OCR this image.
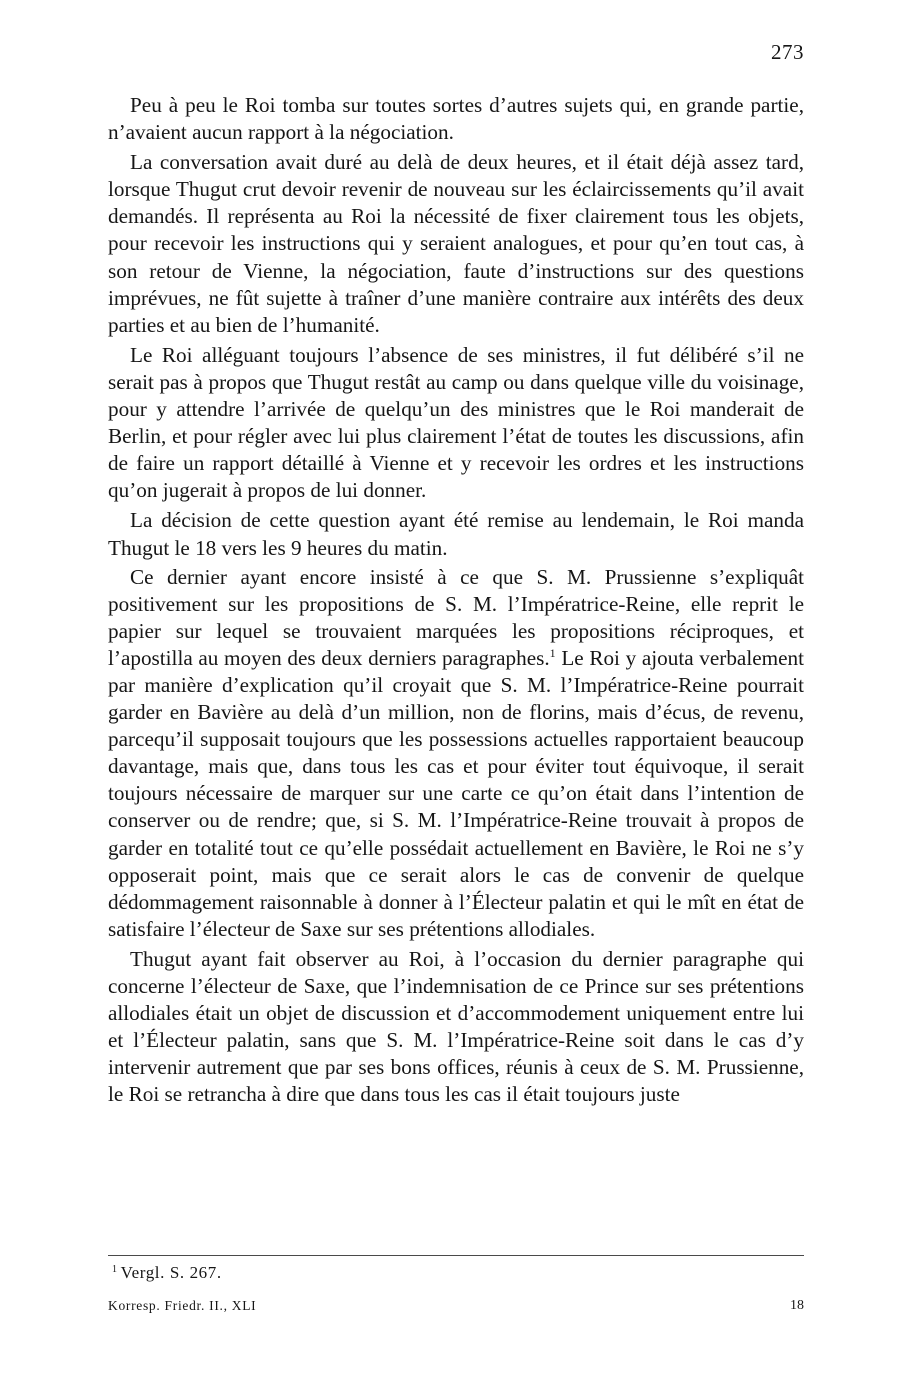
273

Peu à peu le Roi tomba sur toutes sortes d’autres sujets qui, en grande partie, n’avaient aucun rapport à la négociation.

La conversation avait duré au delà de deux heures, et il était déjà assez tard, lorsque Thugut crut devoir revenir de nouveau sur les éclaircissements qu’il avait demandés. Il représenta au Roi la nécessité de fixer clairement tous les objets, pour recevoir les instructions qui y seraient analogues, et pour qu’en tout cas, à son retour de Vienne, la négociation, faute d’instructions sur des questions imprévues, ne fût sujette à traîner d’une manière contraire aux intérêts des deux parties et au bien de l’humanité.

Le Roi alléguant toujours l’absence de ses ministres, il fut délibéré s’il ne serait pas à propos que Thugut restât au camp ou dans quelque ville du voisinage, pour y attendre l’arrivée de quelqu’un des ministres que le Roi manderait de Berlin, et pour régler avec lui plus clairement l’état de toutes les discussions, afin de faire un rapport détaillé à Vienne et y recevoir les ordres et les instructions qu’on jugerait à propos de lui donner.

La décision de cette question ayant été remise au lendemain, le Roi manda Thugut le 18 vers les 9 heures du matin.

Ce dernier ayant encore insisté à ce que S. M. Prussienne s’expliquât positivement sur les propositions de S. M. l’Impératrice-Reine, elle reprit le papier sur lequel se trouvaient marquées les propositions réciproques, et l’apostilla au moyen des deux derniers paragraphes.$^1$ Le Roi y ajouta verbalement par manière d’explication qu’il croyait que S. M. l’Impératrice-Reine pourrait garder en Bavière au delà d’un million, non de florins, mais d’écus, de revenu, parcequ’il supposait toujours que les possessions actuelles rapportaient beaucoup davantage, mais que, dans tous les cas et pour éviter tout équivoque, il serait toujours nécessaire de marquer sur une carte ce qu’on était dans l’intention de conserver ou de rendre; que, si S. M. l’Impératrice-Reine trouvait à propos de garder en totalité tout ce qu’elle possédait actuellement en Bavière, le Roi ne s’y opposerait point, mais que ce serait alors le cas de convenir de quelque dédommagement raisonnable à donner à l’Électeur palatin et qui le mît en état de satisfaire l’électeur de Saxe sur ses prétentions allodiales.

Thugut ayant fait observer au Roi, à l’occasion du dernier paragraphe qui concerne l’électeur de Saxe, que l’indemnisation de ce Prince sur ses prétentions allodiales était un objet de discussion et d’accommodement uniquement entre lui et l’Électeur palatin, sans que S. M. l’Impératrice-Reine soit dans le cas d’y intervenir autrement que par ses bons offices, réunis à ceux de S. M. Prussienne, le Roi se retrancha à dire que dans tous les cas il était toujours juste

$^1$ Vergl. S. 267.
Korresp. Friedr. II., XLI	18
